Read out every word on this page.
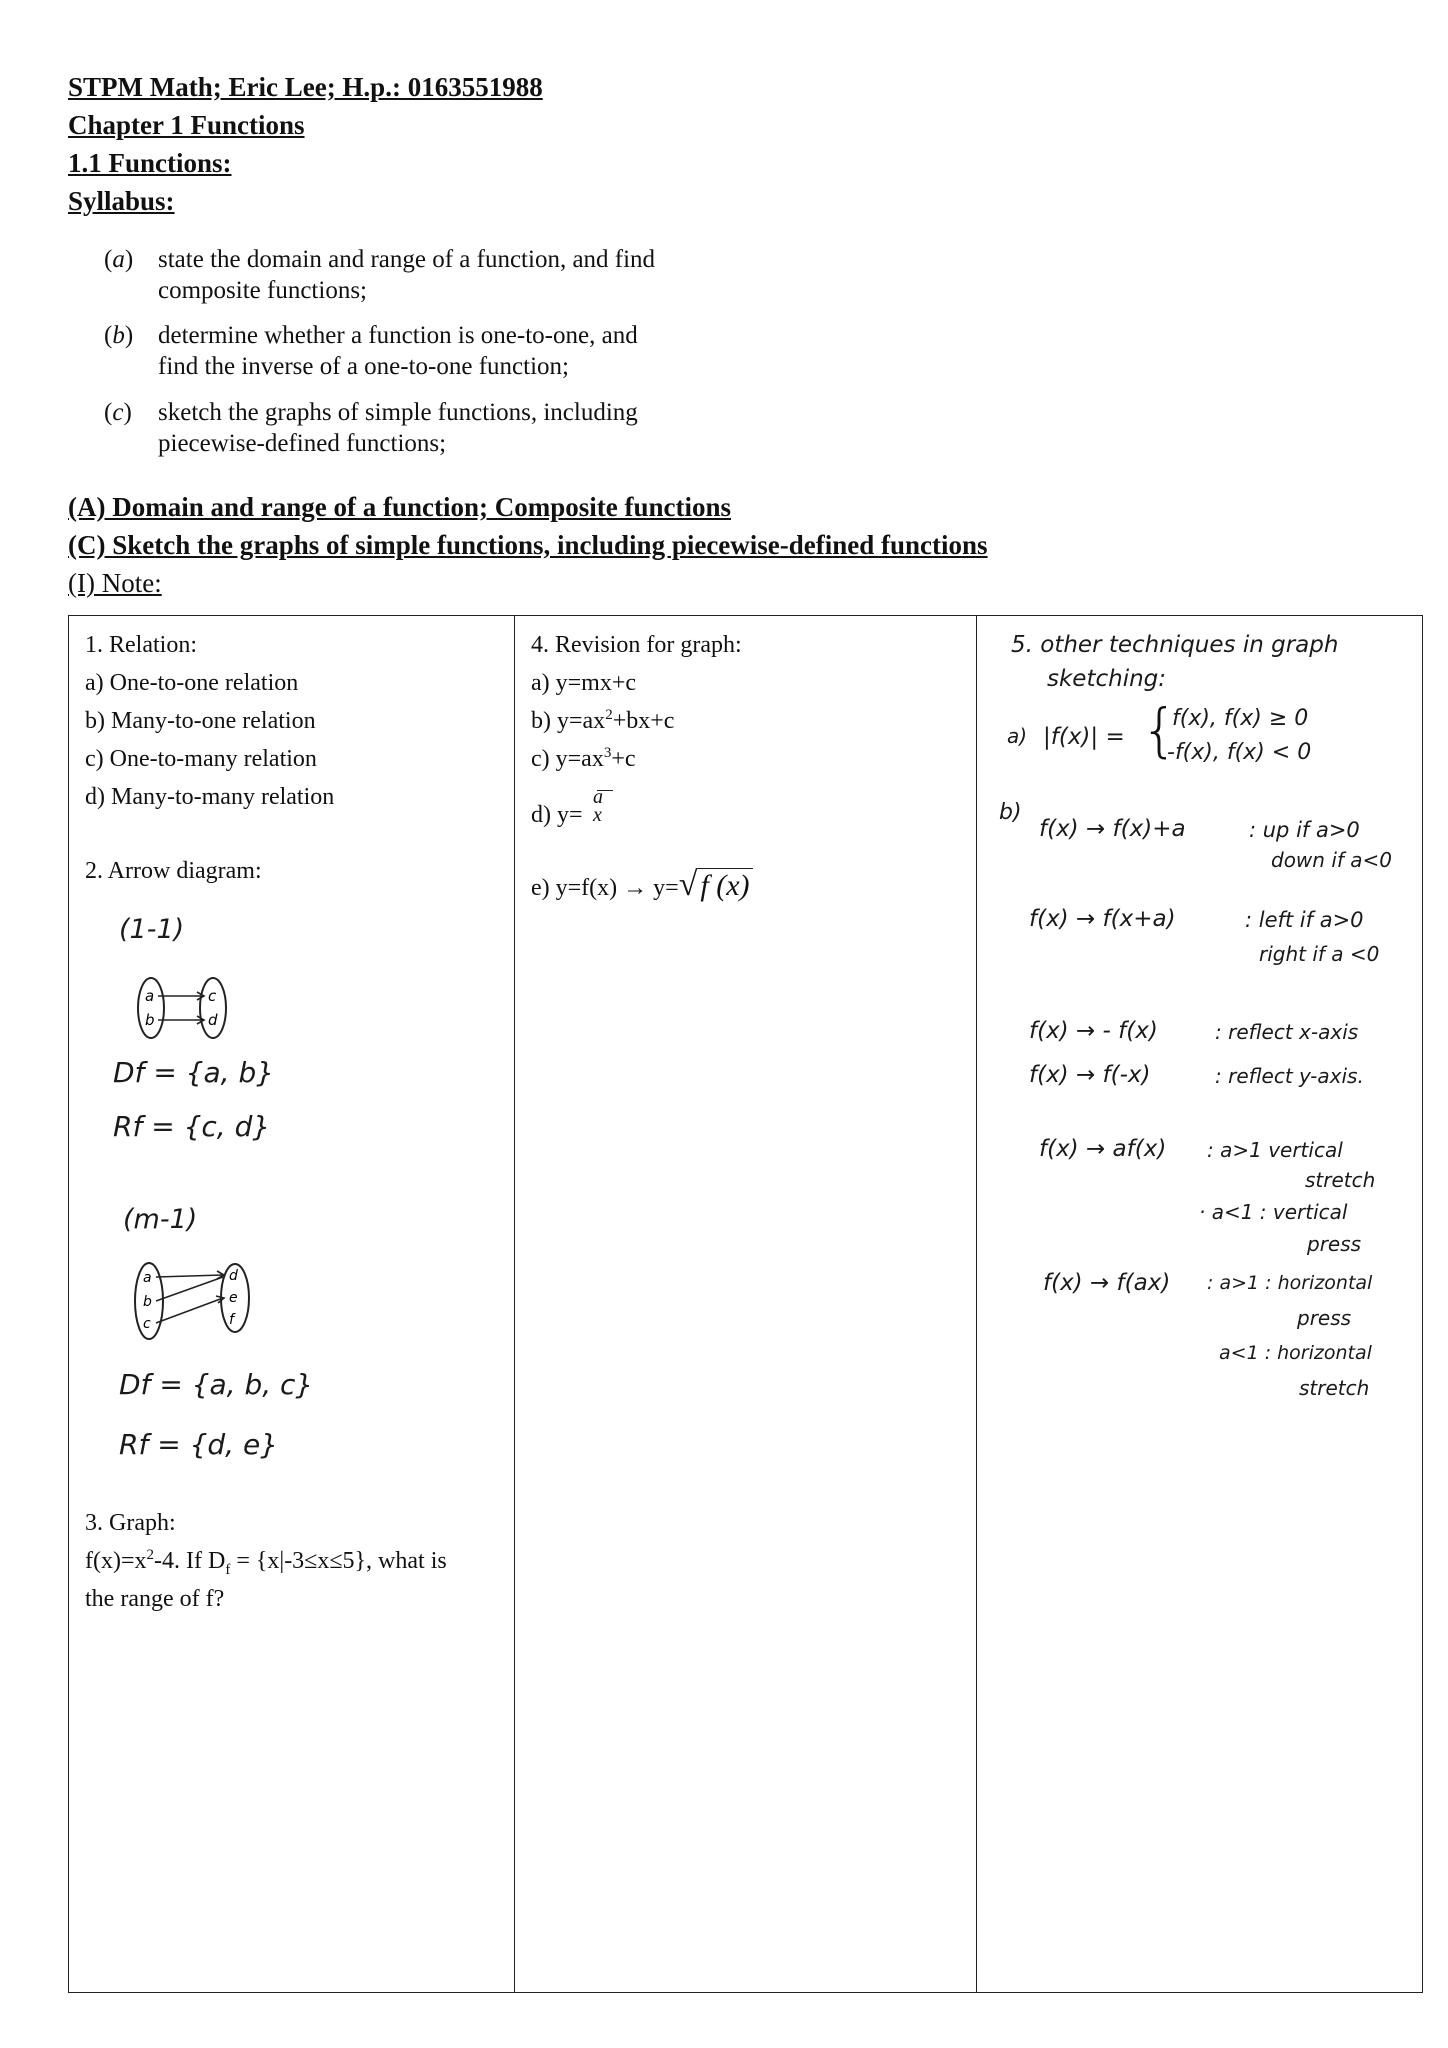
STPM Math; Eric Lee; H.p.: 0163551988
Chapter 1 Functions
1.1 Functions:
Syllabus:
(a) state the domain and range of a function, and find composite functions;
(b) determine whether a function is one-to-one, and find the inverse of a one-to-one function;
(c) sketch the graphs of simple functions, including piecewise-defined functions;
(A) Domain and range of a function; Composite functions
(C) Sketch the graphs of simple functions, including piecewise-defined functions
(I) Note:
1. Relation:
a) One-to-one relation
b) Many-to-one relation
c) One-to-many relation
d) Many-to-many relation
2. Arrow diagram:
(1-1)
a
b
c
d
Df = {a, b}
Rf = {c, d}
(m-1)
a
b
c
d
e
f
Df = {a, b, c}
Rf = {d, e}
3. Graph:
$f(x)=x^2-4$. If $D_f = \{x|-3\le x\le 5\}$, what is
the range of f?

4. Revision for graph:
a) y=mx+c
b) $y=ax^2+bx+c$
c) $y=ax^3+c$
d) y=
a
x
e) y=f(x) → y=√ f (x)

5. other techniques in graph
sketching:
a) |f(x)| = {
f(x), f(x) ≥ 0
-f(x), f(x) < 0
b)
f(x) → f(x)+a	: up if a>0
down if a<0
f(x) → f(x+a)	: left if a>0
right if a <0
f(x) → - f(x)	: reflect x-axis
f(x) → f(-x)	: reflect y-axis.
f(x) → af(x) : a>1 vertical
stretch
· a<1 : vertical
press
f(x) → f(ax) : a>1 : horizontal
press
a<1 : horizontal
stretch
